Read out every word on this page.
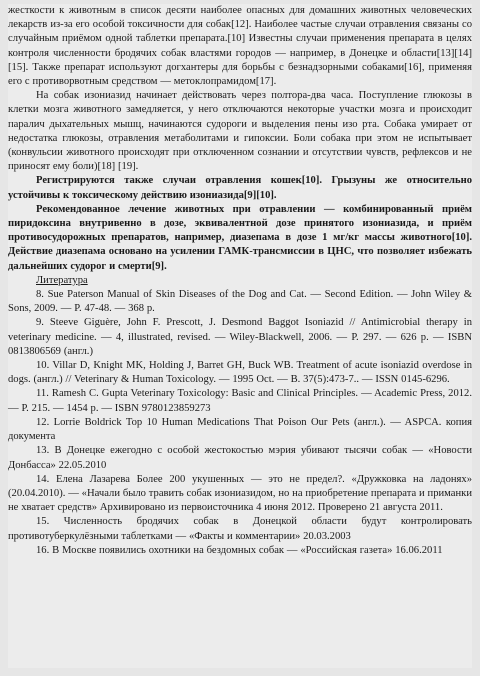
жесткости к животным в список десяти наиболее опасных для домашних животных человеческих лекарств из-за его особой токсичности для собак[12]. Наиболее частые случаи отравления связаны со случайным приёмом одной таблетки препарата.[10] Известны случаи применения препарата в целях контроля численности бродячих собак властями городов — например, в Донецке и области[13][14][15]. Также препарат используют догхантеры для борьбы с безнадзорными собаками[16], применяя его с противорвотным средством — метоклопрамидом[17].

На собак изониазид начинает действовать через полтора-два часа. Поступление глюкозы в клетки мозга животного замедляется, у него отключаются некоторые участки мозга и происходит паралич дыхательных мышц, начинаются судороги и выделения пены изо рта. Собака умирает от недостатка глюкозы, отравления метаболитами и гипоксии. Боли собака при этом не испытывает (конвульсии животного происходят при отключенном сознании и отсутствии чувств, рефлексов и не приносят ему боли)[18] [19].

Регистрируются также случаи отравления кошек[10]. Грызуны же относительно устойчивы к токсическому действию изониазида[9][10].

Рекомендованное лечение животных при отравлении — комбинированный приём пиридоксина внутривенно в дозе, эквивалентной дозе принятого изониазида, и приём противосудорожных препаратов, например, диазепама в дозе 1 мг/кг массы животного[10]. Действие диазепама основано на усилении ГАМК-трансмиссии в ЦНС, что позволяет избежать дальнейших судорог и смерти[9].

Литература

8. Sue Paterson Manual of Skin Diseases of the Dog and Cat. — Second Edition. — John Wiley & Sons, 2009. — P. 47-48. — 368 p.

9. Steeve Giguère, John F. Prescott, J. Desmond Baggot Isoniazid // Antimicrobial therapy in veterinary medicine. — 4, illustrated, revised. — Wiley-Blackwell, 2006. — P. 297. — 626 p. — ISBN 0813806569 (англ.)

10. Villar D, Knight MK, Holding J, Barret GH, Buck WB. Treatment of acute isoniazid overdose in dogs. (англ.) // Veterinary & Human Toxicology. — 1995 Oct. — B. 37(5):473-7.. — ISSN 0145-6296.

11. Ramesh C. Gupta Veterinary Toxicology: Basic and Clinical Principles. — Academic Press, 2012. — P. 215. — 1454 p. — ISBN 9780123859273

12. Lorrie Boldrick Top 10 Human Medications That Poison Our Pets (англ.). — ASPCA. копия документа

13. В Донецке ежегодно с особой жестокостью мэрия убивают тысячи собак — «Новости Донбасса» 22.05.2010

14. Елена Лазарева Более 200 укушенных — это не предел?. «Дружковка на ладонях» (20.04.2010). — «Начали было травить собак изониазидом, но на приобретение препарата и приманки не хватает средств» Архивировано из первоисточника 4 июня 2012. Проверено 21 августа 2011.

15. Численность бродячих собак в Донецкой области будут контролировать противотуберкулёзными таблетками — «Факты и комментарии» 20.03.2003

16. В Москве появились охотники на бездомных собак — «Российская газета» 16.06.2011
